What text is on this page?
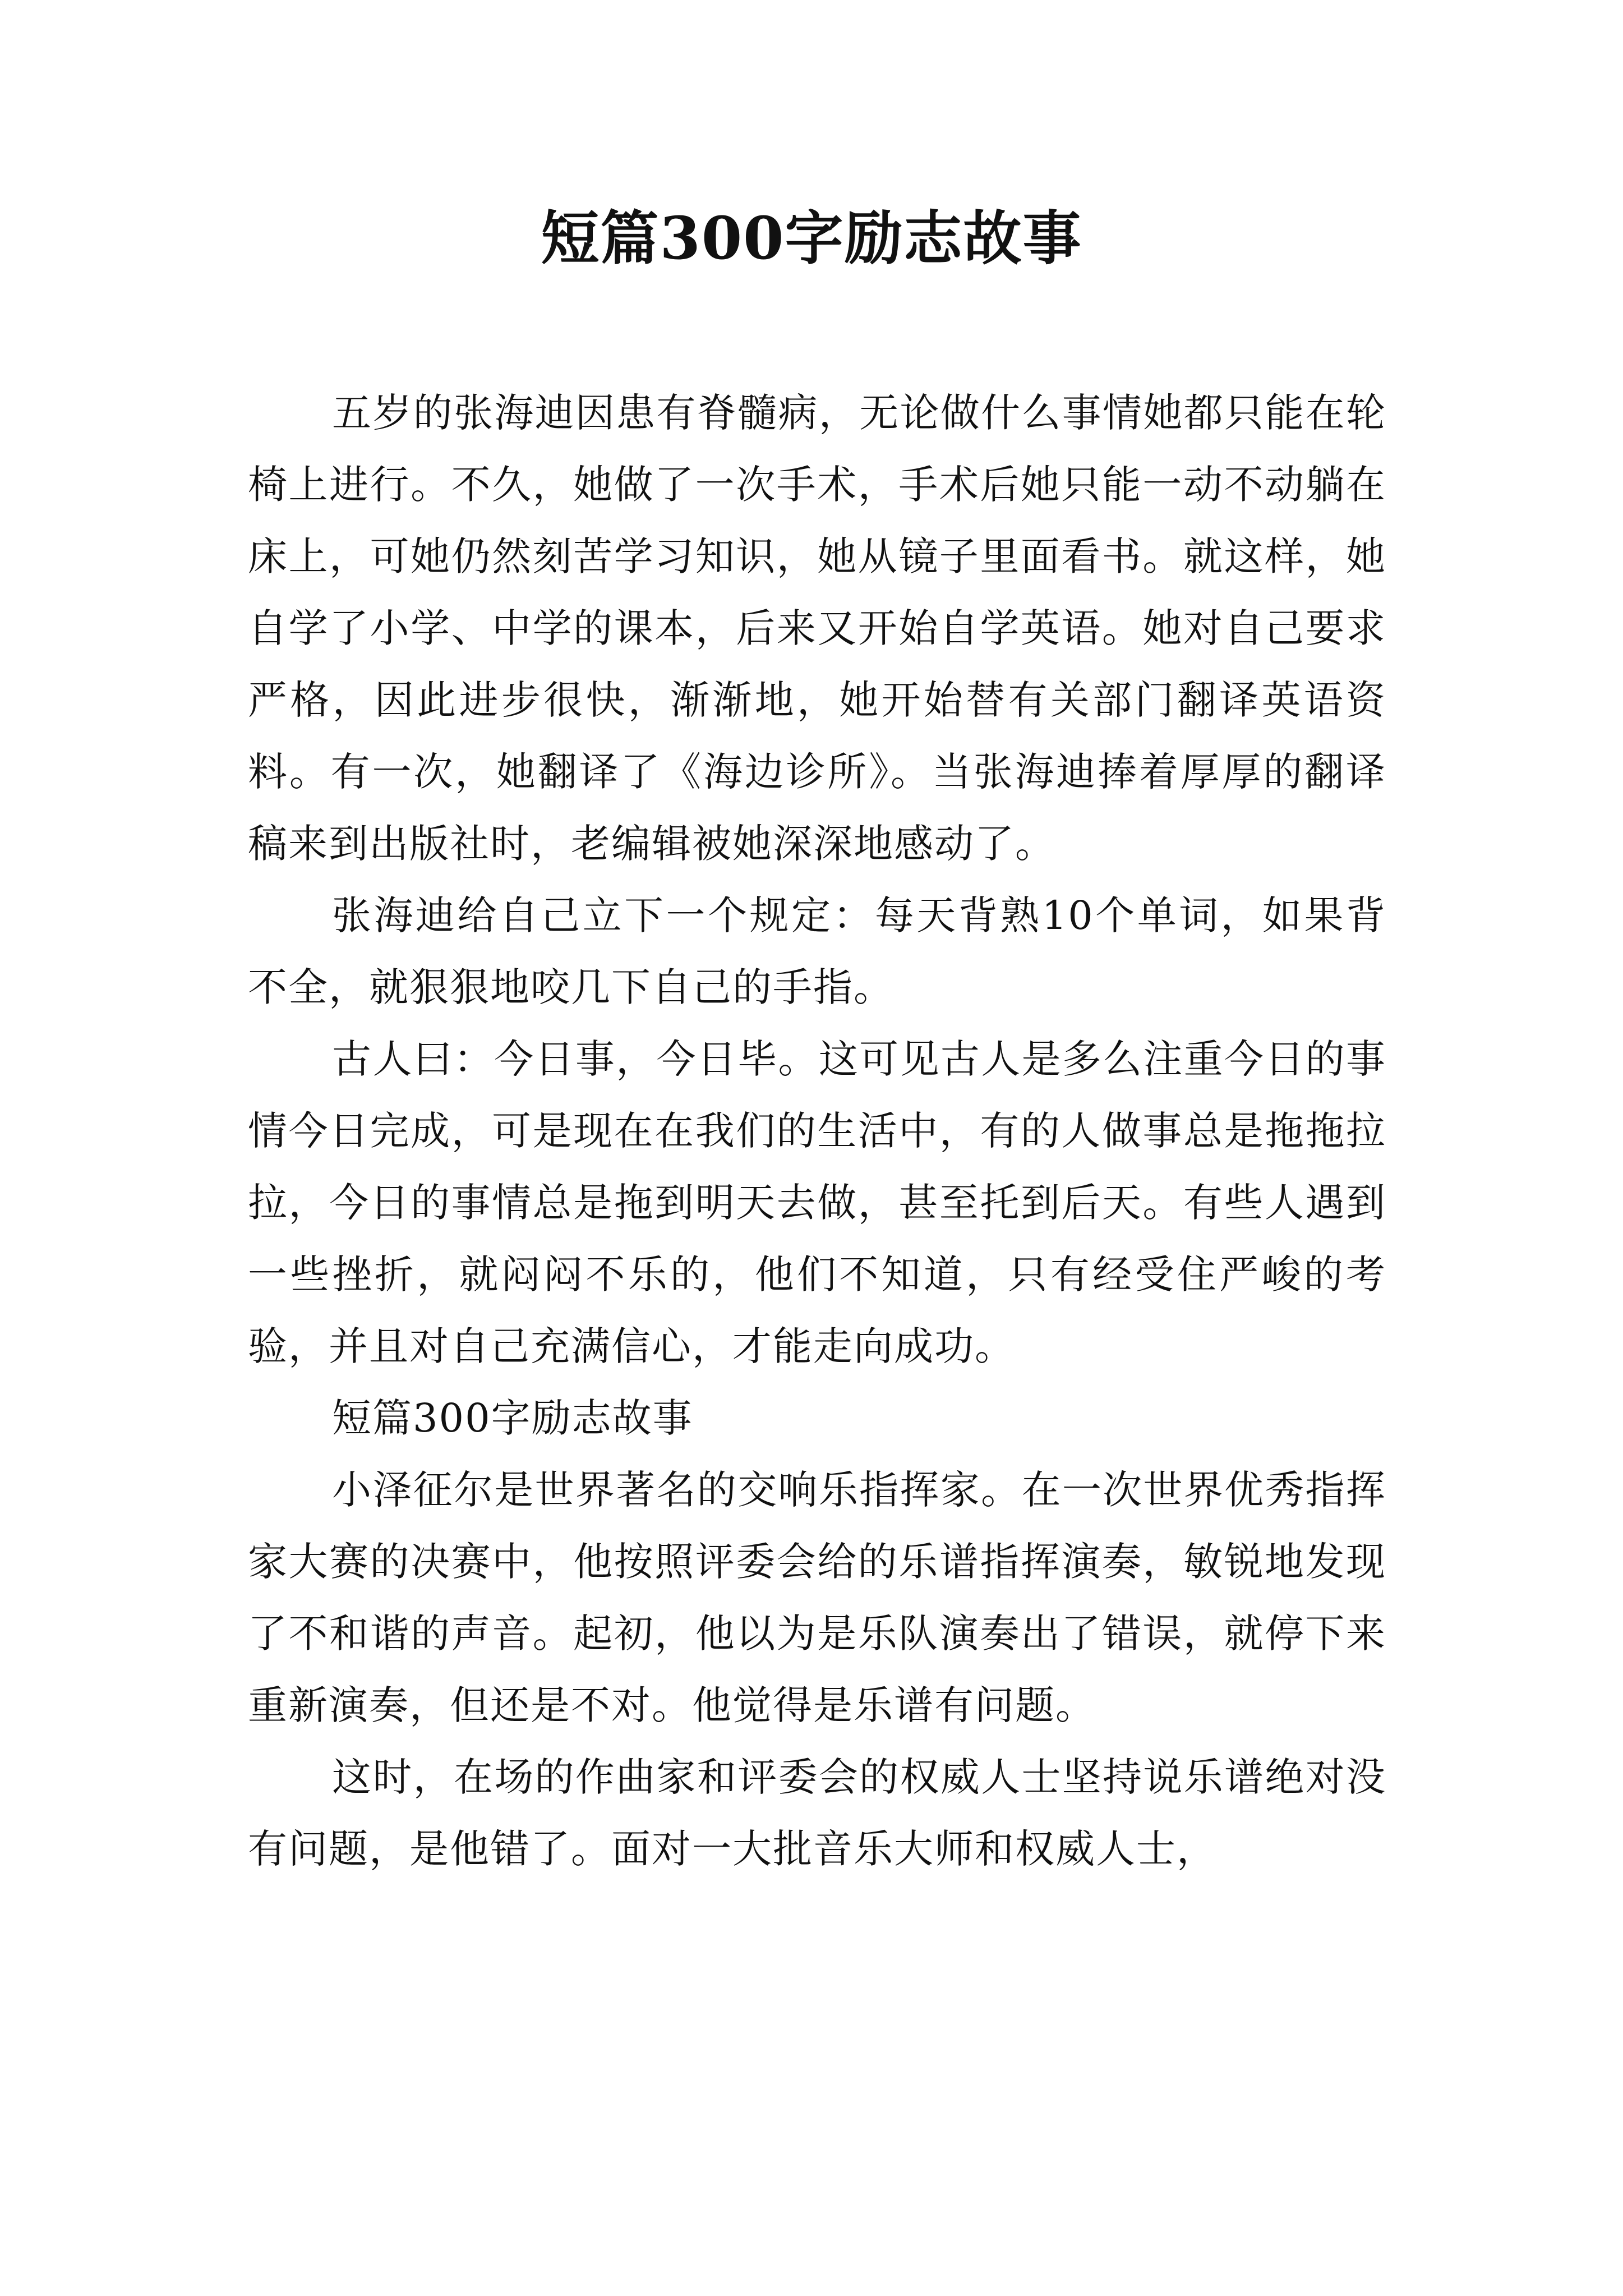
短篇300字励志故事

五岁的张海迪因患有脊髓病，无论做什么事情她都只能在轮椅上进行。不久，她做了一次手术，手术后她只能一动不动躺在床上，可她仍然刻苦学习知识，她从镜子里面看书。就这样，她自学了小学、中学的课本，后来又开始自学英语。她对自己要求严格，因此进步很快，渐渐地，她开始替有关部门翻译英语资料。有一次，她翻译了《海边诊所》。当张海迪捧着厚厚的翻译稿来到出版社时，老编辑被她深深地感动了。

张海迪给自己立下一个规定：每天背熟10个单词，如果背不全，就狠狠地咬几下自己的手指。

古人曰：今日事，今日毕。这可见古人是多么注重今日的事情今日完成，可是现在在我们的生活中，有的人做事总是拖拖拉拉，今日的事情总是拖到明天去做，甚至托到后天。有些人遇到一些挫折，就闷闷不乐的，他们不知道，只有经受住严峻的考验，并且对自己充满信心，才能走向成功。

短篇300字励志故事

小泽征尔是世界著名的交响乐指挥家。在一次世界优秀指挥家大赛的决赛中，他按照评委会给的乐谱指挥演奏，敏锐地发现了不和谐的声音。起初，他以为是乐队演奏出了错误，就停下来重新演奏，但还是不对。他觉得是乐谱有问题。

这时，在场的作曲家和评委会的权威人士坚持说乐谱绝对没有问题，是他错了。面对一大批音乐大师和权威人士，
